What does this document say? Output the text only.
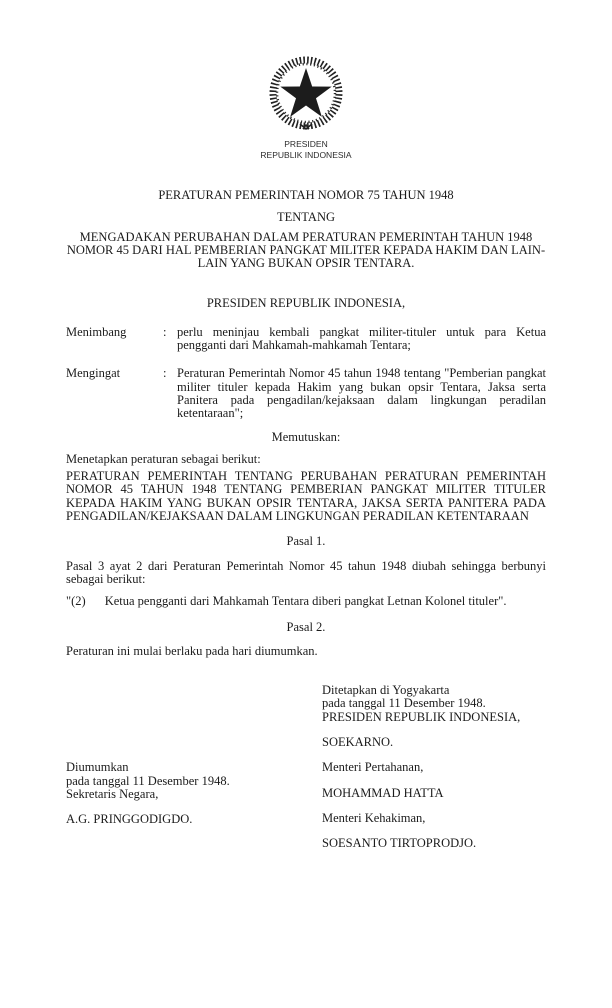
PRESIDEN
REPUBLIK INDONESIA
PERATURAN PEMERINTAH NOMOR 75 TAHUN 1948
TENTANG
MENGADAKAN PERUBAHAN DALAM PERATURAN PEMERINTAH TAHUN 1948 NOMOR 45 DARI HAL PEMBERIAN PANGKAT MILITER KEPADA HAKIM DAN LAIN-LAIN YANG BUKAN OPSIR TENTARA.
PRESIDEN REPUBLIK INDONESIA,
Menimbang	: perlu meninjau kembali pangkat militer-tituler untuk para Ketua pengganti dari Mahkamah-mahkamah Tentara;
Mengingat	: Peraturan Pemerintah Nomor 45 tahun 1948 tentang "Pemberian pangkat militer tituler kepada Hakim yang bukan opsir Tentara, Jaksa serta Panitera pada pengadilan/kejaksaan dalam lingkungan peradilan ketentaraan";
Memutuskan:
Menetapkan peraturan sebagai berikut:
PERATURAN PEMERINTAH TENTANG PERUBAHAN PERATURAN PEMERINTAH NOMOR 45 TAHUN 1948 TENTANG PEMBERIAN PANGKAT MILITER TITULER KEPADA HAKIM YANG BUKAN OPSIR TENTARA, JAKSA SERTA PANITERA PADA PENGADILAN/KEJAKSAAN DALAM LINGKUNGAN PERADILAN KETENTARAAN
Pasal 1.
Pasal 3 ayat 2 dari Peraturan Pemerintah Nomor 45 tahun 1948 diubah sehingga berbunyi sebagai berikut:
"(2) Ketua pengganti dari Mahkamah Tentara diberi pangkat Letnan Kolonel tituler".
Pasal 2.
Peraturan ini mulai berlaku pada hari diumumkan.
Ditetapkan di Yogyakarta
pada tanggal 11 Desember 1948.
PRESIDEN REPUBLIK INDONESIA,
SOEKARNO.
Diumumkan
pada tanggal 11 Desember 1948.
Sekretaris Negara,
A.G. PRINGGODIGDO.
Menteri Pertahanan,
MOHAMMAD HATTA
Menteri Kehakiman,
SOESANTO TIRTOPRODJO.
